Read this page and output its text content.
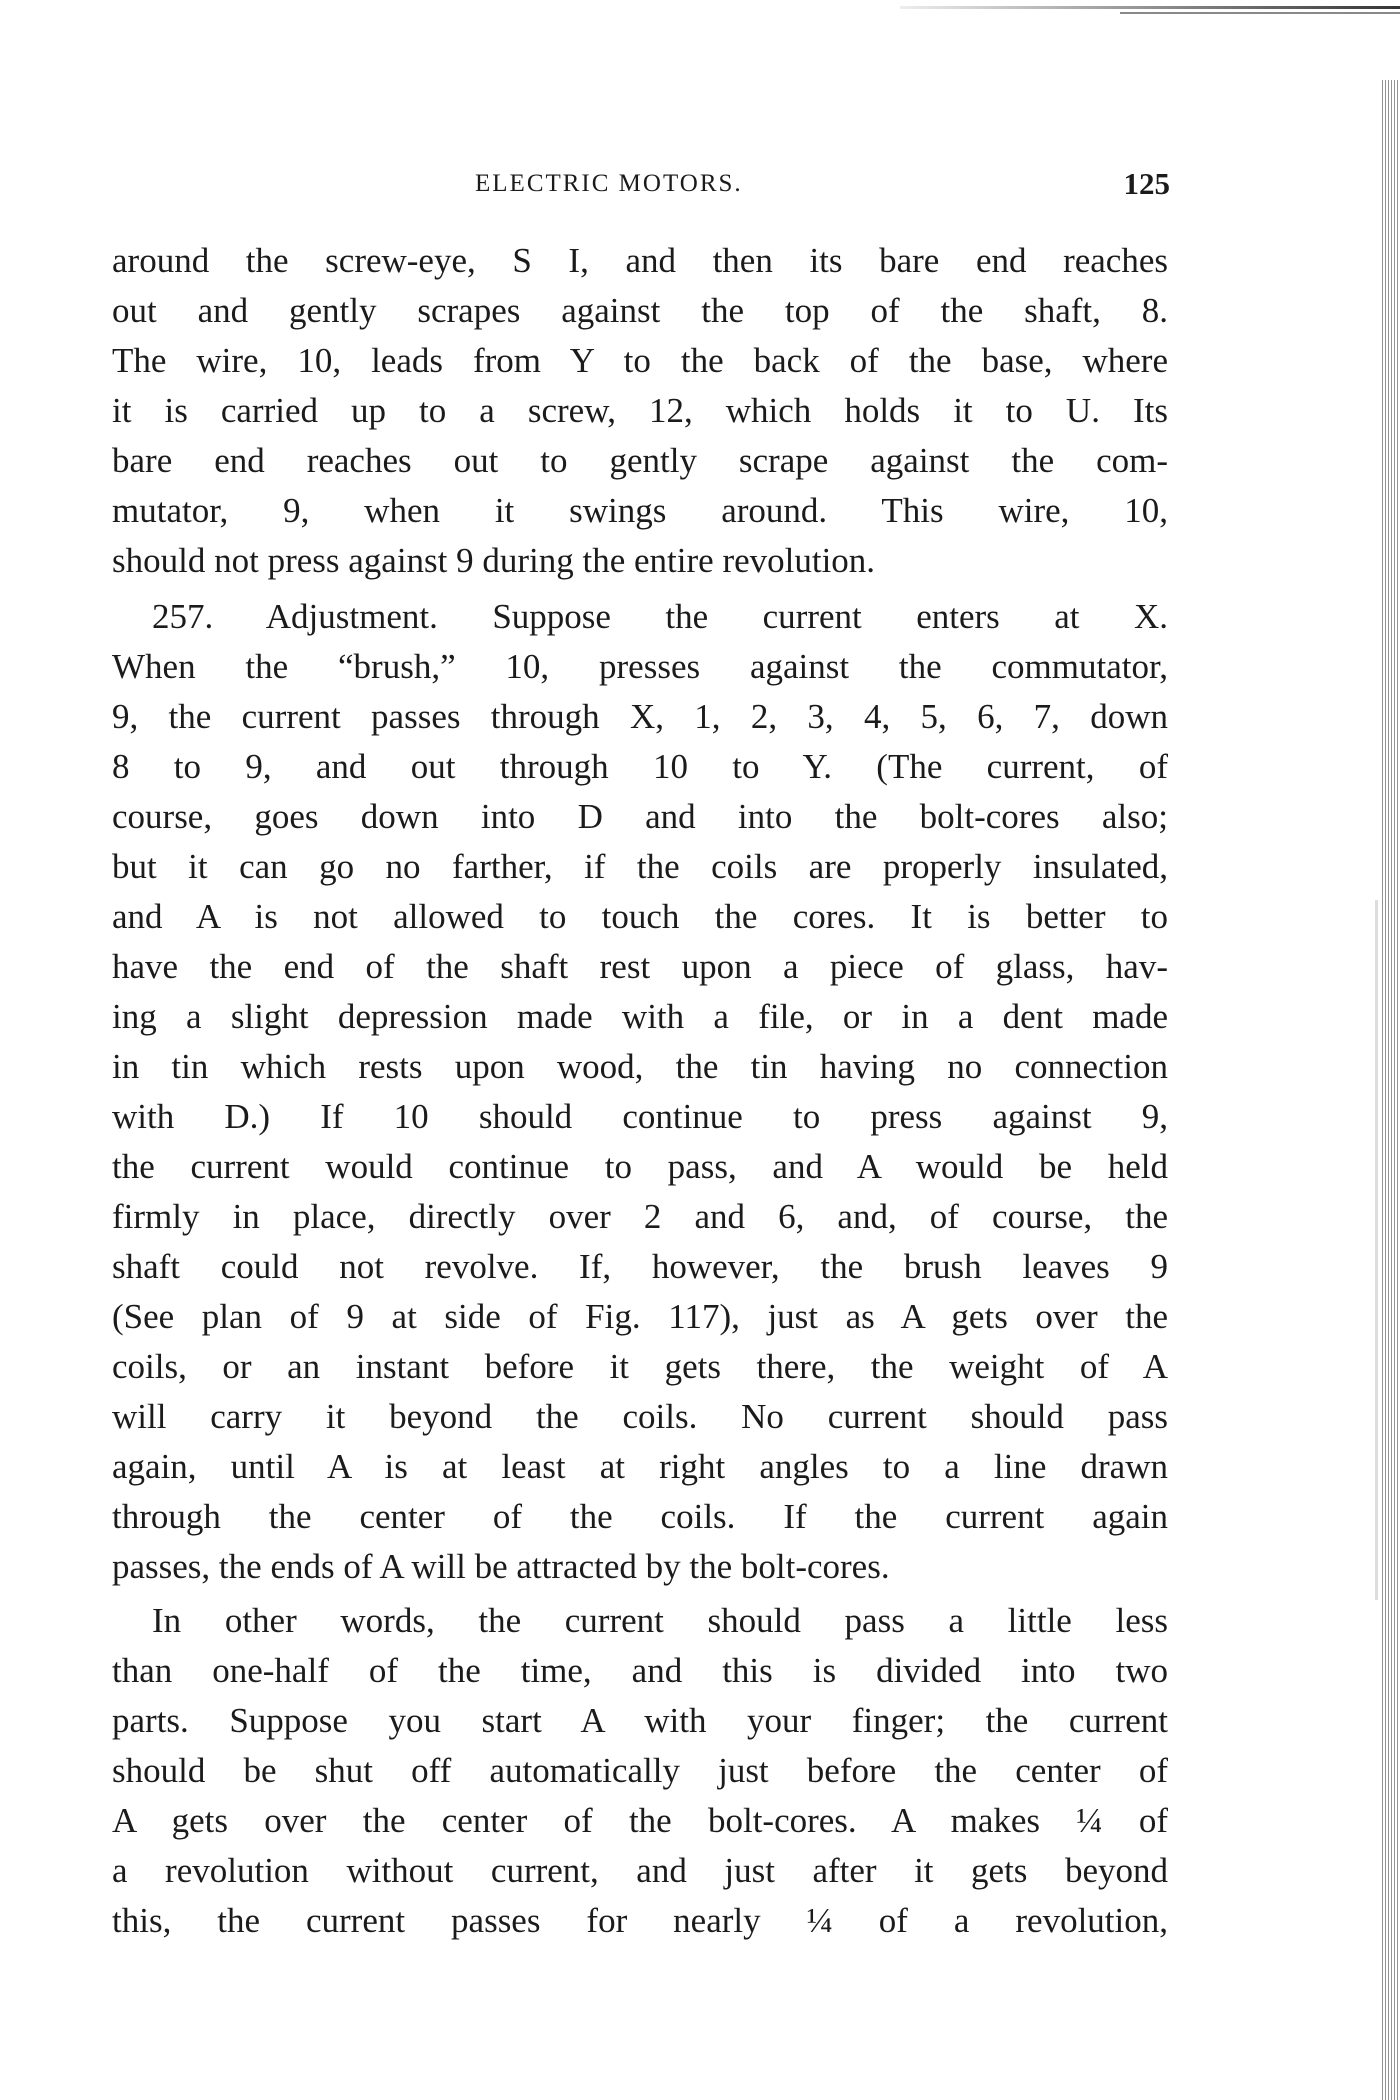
ELECTRIC MOTORS.	125

around the screw-eye, S I, and then its bare end reaches

out and gently scrapes against the top of the shaft, 8.

The wire, 10, leads from Y to the back of the base, where

it is carried up to a screw, 12, which holds it to U. Its

bare end reaches out to gently scrape against the com-

mutator, 9, when it swings around. This wire, 10,

should not press against 9 during the entire revolution.

257. Adjustment. Suppose the current enters at X.

When the “brush,” 10, presses against the commutator,

9, the current passes through X, 1, 2, 3, 4, 5, 6, 7, down

8 to 9, and out through 10 to Y. (The current, of

course, goes down into D and into the bolt-cores also;

but it can go no farther, if the coils are properly insulated,

and A is not allowed to touch the cores. It is better to

have the end of the shaft rest upon a piece of glass, hav-

ing a slight depression made with a file, or in a dent made

in tin which rests upon wood, the tin having no connection

with D.) If 10 should continue to press against 9,

the current would continue to pass, and A would be held

firmly in place, directly over 2 and 6, and, of course, the

shaft could not revolve. If, however, the brush leaves 9

(See plan of 9 at side of Fig. 117), just as A gets over the

coils, or an instant before it gets there, the weight of A

will carry it beyond the coils. No current should pass

again, until A is at least at right angles to a line drawn

through the center of the coils. If the current again

passes, the ends of A will be attracted by the bolt-cores.

In other words, the current should pass a little less

than one-half of the time, and this is divided into two

parts. Suppose you start A with your finger; the current

should be shut off automatically just before the center of

A gets over the center of the bolt-cores. A makes ¼ of

a revolution without current, and just after it gets beyond

this, the current passes for nearly ¼ of a revolution,
